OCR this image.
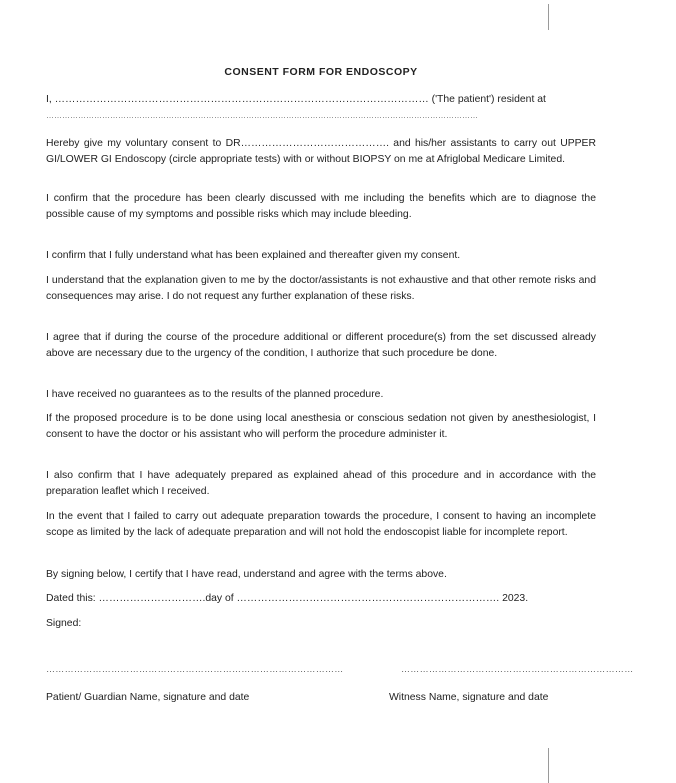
CONSENT FORM FOR ENDOSCOPY
I, ……………………………………………………………………………………………… ('The patient') resident at
………………………………………………………………………………………………………………………………………………

Hereby give my voluntary consent to DR……………………………………. and his/her assistants to carry out UPPER GI/LOWER GI Endoscopy (circle appropriate tests) with or without BIOPSY on me at Afriglobal Medicare Limited.

I confirm that the procedure has been clearly discussed with me including the benefits which are to diagnose the possible cause of my symptoms and possible risks which may include bleeding.

I confirm that I fully understand what has been explained and thereafter given my consent.

I understand that the explanation given to me by the doctor/assistants is not exhaustive and that other remote risks and consequences may arise. I do not request any further explanation of these risks.

I agree that if during the course of the procedure additional or different procedure(s) from the set discussed already above are necessary due to the urgency of the condition, I authorize that such procedure be done.

I have received no guarantees as to the results of the planned procedure.

If the proposed procedure is to be done using local anesthesia or conscious sedation not given by anesthesiologist, I consent to have the doctor or his assistant who will perform the procedure administer it.

I also confirm that I have adequately prepared as explained ahead of this procedure and in accordance with the preparation leaflet which I received.

In the event that I failed to carry out adequate preparation towards the procedure, I consent to having an incomplete scope as limited by the lack of adequate preparation and will not hold the endoscopist liable for incomplete report.

By signing below, I certify that I have read, understand and agree with the terms above.

Dated this: ………………………….day of …………………………………………………………………. 2023.
Signed:
……………………………………………………………………………………	…………………………………………………………………
Patient/ Guardian Name, signature and date	Witness Name, signature and date
